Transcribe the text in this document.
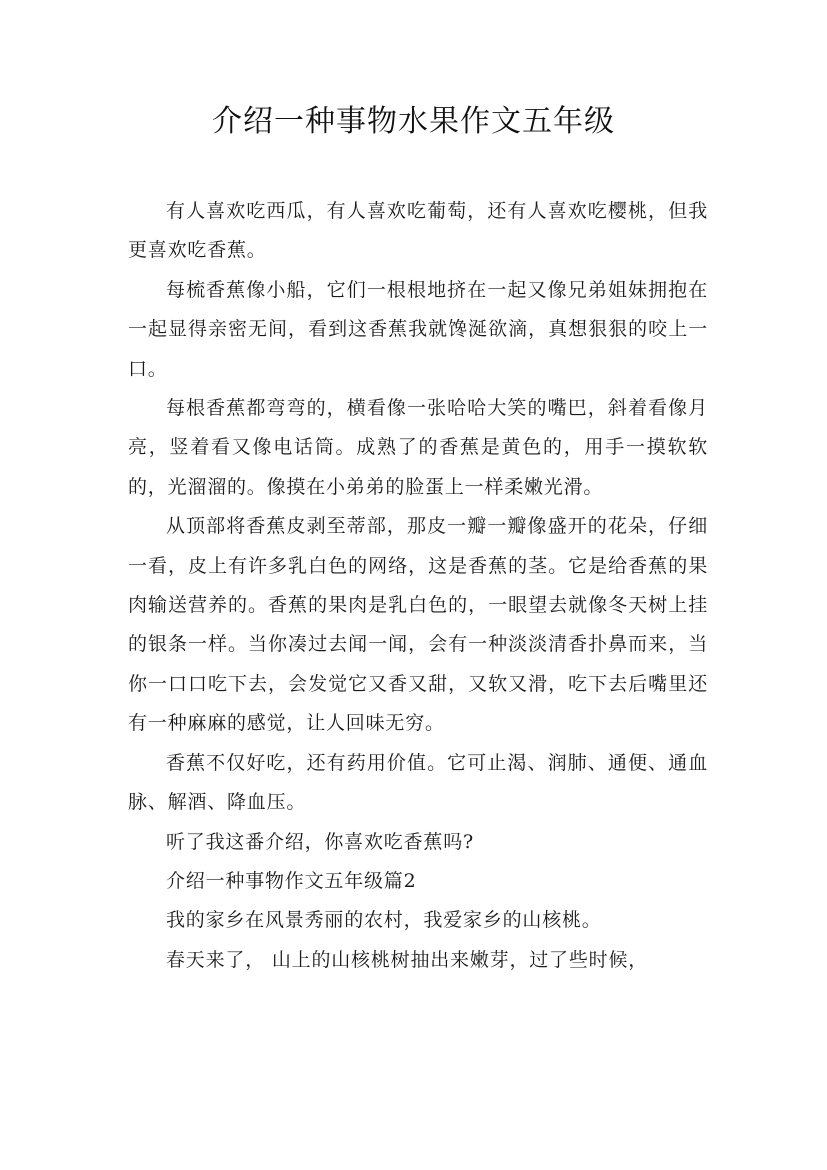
介绍一种事物水果作文五年级

有人喜欢吃西瓜，有人喜欢吃葡萄，还有人喜欢吃樱桃，但我更喜欢吃香蕉。

每梳香蕉像小船，它们一根根地挤在一起又像兄弟姐妹拥抱在一起显得亲密无间，看到这香蕉我就馋涎欲滴，真想狠狠的咬上一口。

每根香蕉都弯弯的，横看像一张哈哈大笑的嘴巴，斜着看像月亮，竖着看又像电话筒。成熟了的香蕉是黄色的，用手一摸软软的，光溜溜的。像摸在小弟弟的脸蛋上一样柔嫩光滑。

从顶部将香蕉皮剥至蒂部，那皮一瓣一瓣像盛开的花朵，仔细一看，皮上有许多乳白色的网络，这是香蕉的茎。它是给香蕉的果肉输送营养的。香蕉的果肉是乳白色的，一眼望去就像冬天树上挂的银条一样。当你凑过去闻一闻，会有一种淡淡清香扑鼻而来，当你一口口吃下去，会发觉它又香又甜，又软又滑，吃下去后嘴里还有一种麻麻的感觉，让人回味无穷。

香蕉不仅好吃，还有药用价值。它可止渴、润肺、通便、通血脉、解酒、降血压。

听了我这番介绍，你喜欢吃香蕉吗?

介绍一种事物作文五年级篇2

我的家乡在风景秀丽的农村，我爱家乡的山核桃。

春天来了， 山上的山核桃树抽出来嫩芽，过了些时候，
